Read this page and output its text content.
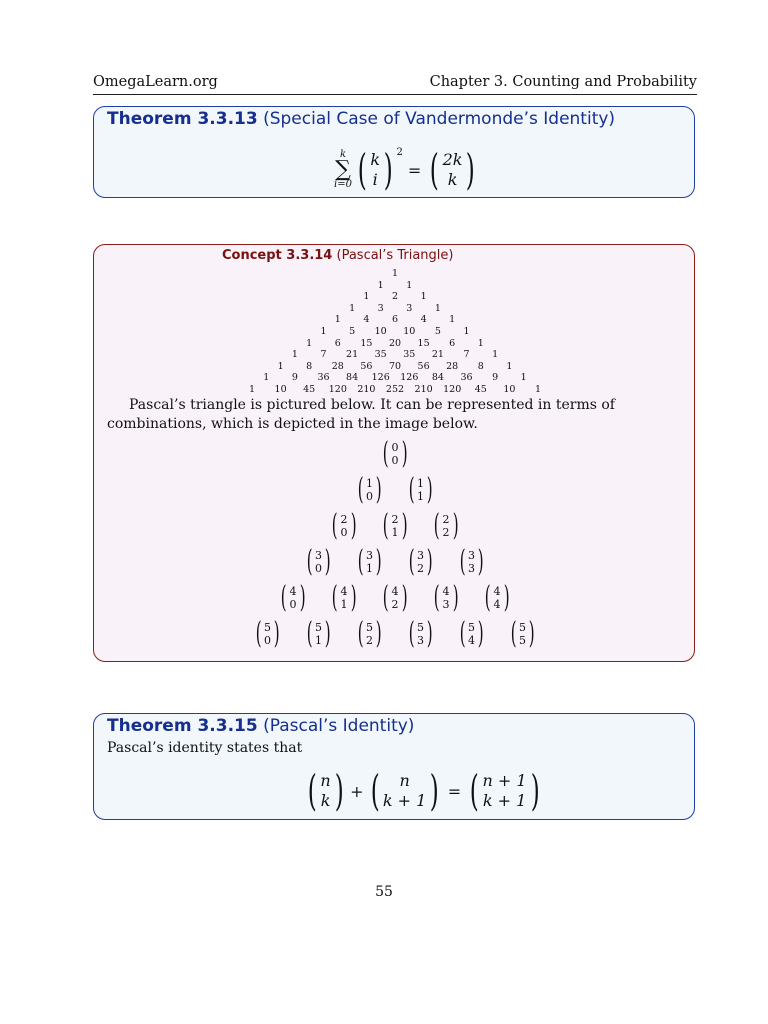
OmegaLearn.org	Chapter 3. Counting and Probability
Theorem 3.3.13 (Special Case of Vandermonde’s Identity)
k
∑
i=0 ( k
i ) 2
= ( 2k
k )
Concept 3.3.14 (Pascal’s Triangle)
1
1 1
1 2 1
1 3 3 1
1 4 6 4 1
1 5 10 10 5 1
1 6 15 20 15 6 1
1 7 21 35 35 21 7 1
1 8 28 56 70 56 28 8 1
1 9 36 84 126 126 84 36 9 1
1 10 45 120 210 252 210 120 45 10 1
Pascal’s triangle is pictured below. It can be represented in terms of combinations, which is depicted in the image below.
( 0
0 )
( 1
0 ) ( 1
1 )
( 2
0 ) ( 2
1 ) ( 2
2 )
( 3
0 ) ( 3
1 ) ( 3
2 ) ( 3
3 )
( 4
0 ) ( 4
1 ) ( 4
2 ) ( 4
3 ) ( 4
4 )
( 5
0 ) ( 5
1 ) ( 5
2 ) ( 5
3 ) ( 5
4 ) ( 5
5 )
Theorem 3.3.15 (Pascal’s Identity)
Pascal’s identity states that
( n
k ) + ( n
k + 1 ) = ( n + 1
k + 1 )
55
